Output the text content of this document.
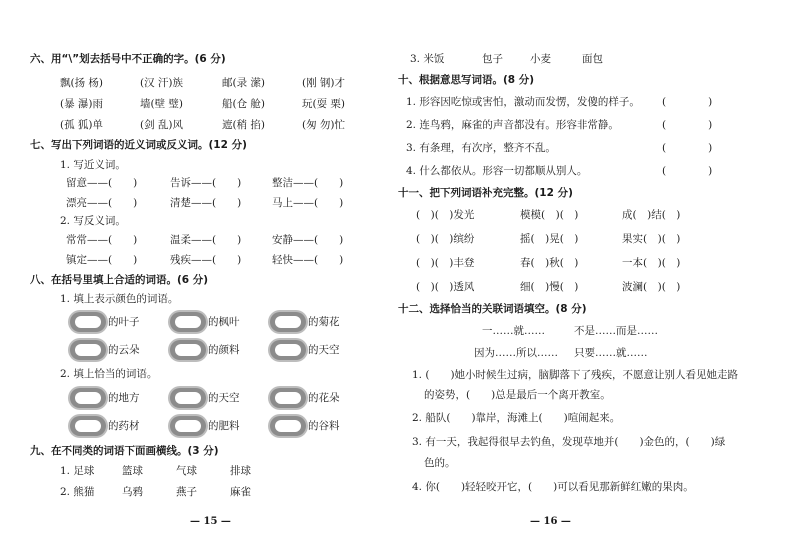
六、用“\”划去括号中不正确的字。(6 分)
飘(扬 杨)	(汉 汗)族	邮(录 潆)	(刚 钢)才
(暴 瀑)雨	墙(壁 璧)	船(仓 舱)	玩(耍 栗)
(孤 狐)单	(剑 乱)风	遮(稍 掐)	(匆 勿)忙
七、写出下列词语的近义词或反义词。(12 分)
1. 写近义词。
留意——(　　)	告诉——(　　)	整洁——(　　)
漂亮——(　　)	清楚——(　　)	马上——(　　)
2. 写反义词。
常常——(　　)	温柔——(　　)	安静——(　　)
镇定——(　　)	残疾——(　　)	轻快——(　　)
八、在括号里填上合适的词语。(6 分)
1. 填上表示颜色的词语。
的叶子	的枫叶	的菊花
的云朵	的颜料	的天空
2. 填上恰当的词语。
的地方	的天空	的花朵
的药材	的肥料	的谷料
九、在不同类的词语下面画横线。(3 分)
1. 足球	篮球	气球	排球
2. 熊猫	乌鸦	燕子	麻雀
— 15 —
3. 米饭	包子	小麦	面包
十、根据意思写词语。(8 分)
1. 形容因吃惊或害怕，激动而发愣，发傻的样子。 (　　　　)
2. 连鸟鸦，麻雀的声音都没有。形容非常静。	(　　　　)
3. 有条理，有次序，整齐不乱。	(　　　　)
4. 什么都依从。形容一切都顺从别人。	(　　　　)
十一、把下列词语补充完整。(12 分)
(　)(　)发光	模模(　)(　)	成(　)结(　)
(　)(　)缤纷	摇(　)晃(　)	果实(　)(　)
(　)(　)丰登	春(　)秋(　)	一本(　)(　)
(　)(　)透风	细(　)慢(　)	波澜(　)(　)
十二、选择恰当的关联词语填空。(8 分)
一……就……	不是……而是……
因为……所以…… 只要……就……
1. (　　)她小时候生过病，脑脚落下了残疾，不愿意让别人看见她走路
的姿势，(　　)总是最后一个离开教室。
2. 船队(　　)靠岸，海滩上(　　)喧闹起来。
3. 有一天，我起得很早去钓鱼，发现草地并(　　)金色的，(　　)绿
色的。
4. 你(　　)轻轻咬开它，(　　)可以看见那新鲜红嫩的果肉。
— 16 —
